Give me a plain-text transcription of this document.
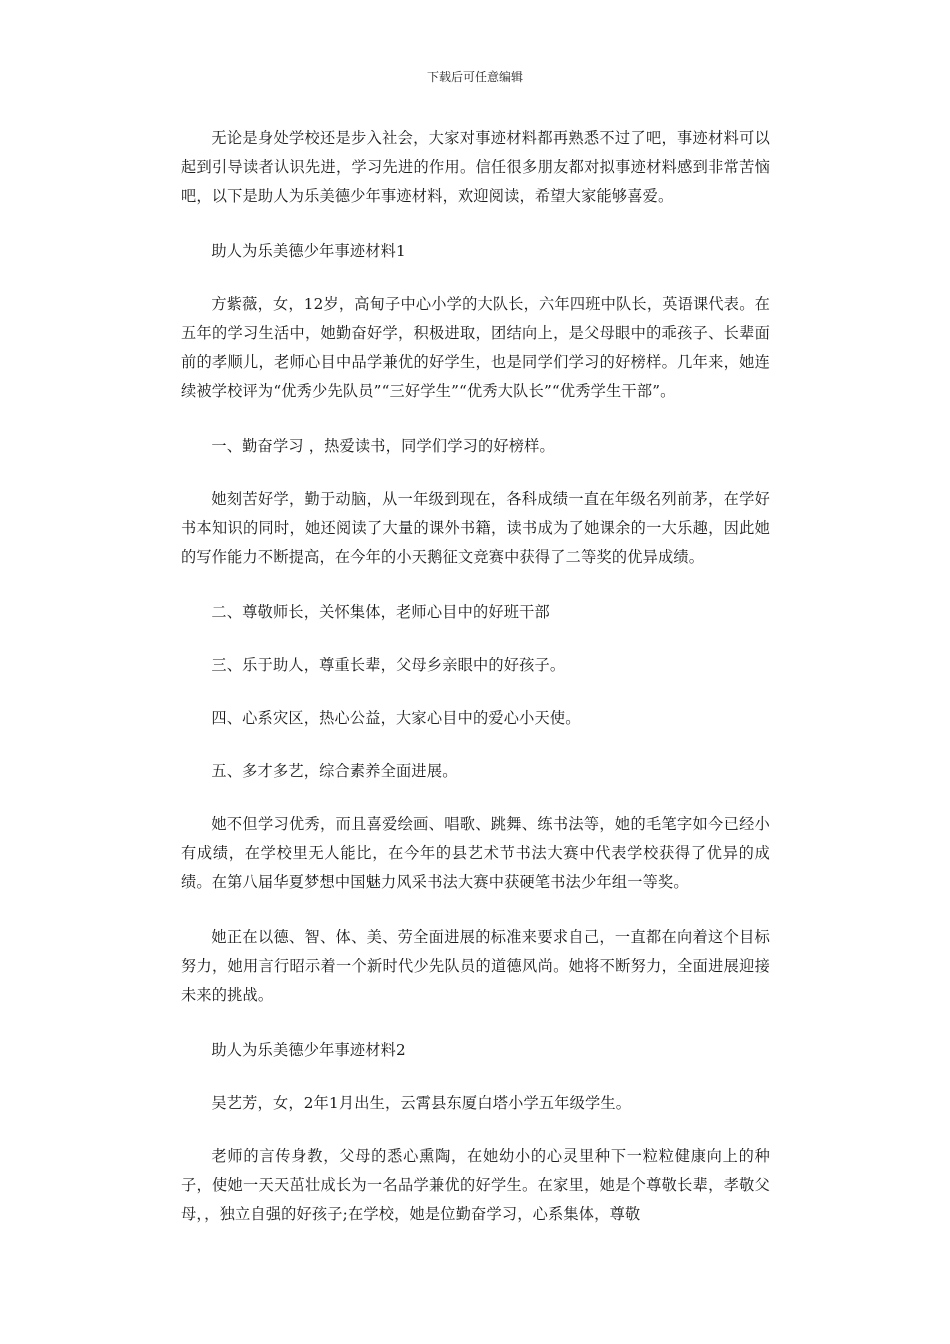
下载后可任意编辑

无论是身处学校还是步入社会，大家对事迹材料都再熟悉不过了吧，事迹材料可以起到引导读者认识先进，学习先进的作用。信任很多朋友都对拟事迹材料感到非常苦恼吧，以下是助人为乐美德少年事迹材料，欢迎阅读，希望大家能够喜爱。

助人为乐美德少年事迹材料1

方紫薇，女，12岁，高甸子中心小学的大队长，六年四班中队长，英语课代表。在五年的学习生活中，她勤奋好学，积极进取，团结向上，是父母眼中的乖孩子、长辈面前的孝顺儿，老师心目中品学兼优的好学生，也是同学们学习的好榜样。几年来，她连续被学校评为“优秀少先队员”“三好学生”“优秀大队长”“优秀学生干部”。

一、勤奋学习 ，热爱读书，同学们学习的好榜样。

她刻苦好学，勤于动脑，从一年级到现在，各科成绩一直在年级名列前茅，在学好书本知识的同时，她还阅读了大量的课外书籍，读书成为了她课余的一大乐趣，因此她的写作能力不断提高，在今年的小天鹅征文竞赛中获得了二等奖的优异成绩。

二、尊敬师长，关怀集体，老师心目中的好班干部

三、乐于助人，尊重长辈，父母乡亲眼中的好孩子。

四、心系灾区，热心公益，大家心目中的爱心小天使。

五、多才多艺，综合素养全面进展。

她不但学习优秀，而且喜爱绘画、唱歌、跳舞、练书法等，她的毛笔字如今已经小有成绩，在学校里无人能比，在今年的县艺术节书法大赛中代表学校获得了优异的成绩。在第八届华夏梦想中国魅力风采书法大赛中获硬笔书法少年组一等奖。

她正在以德、智、体、美、劳全面进展的标准来要求自己，一直都在向着这个目标努力，她用言行昭示着一个新时代少先队员的道德风尚。她将不断努力，全面进展迎接未来的挑战。

助人为乐美德少年事迹材料2

吴艺芳，女，2年1月出生，云霄县东厦白塔小学五年级学生。

老师的言传身教，父母的悉心熏陶，在她幼小的心灵里种下一粒粒健康向上的种子，使她一天天茁壮成长为一名品学兼优的好学生。在家里，她是个尊敬长辈，孝敬父母，，独立自强的好孩子;在学校，她是位勤奋学习，心系集体，尊敬
